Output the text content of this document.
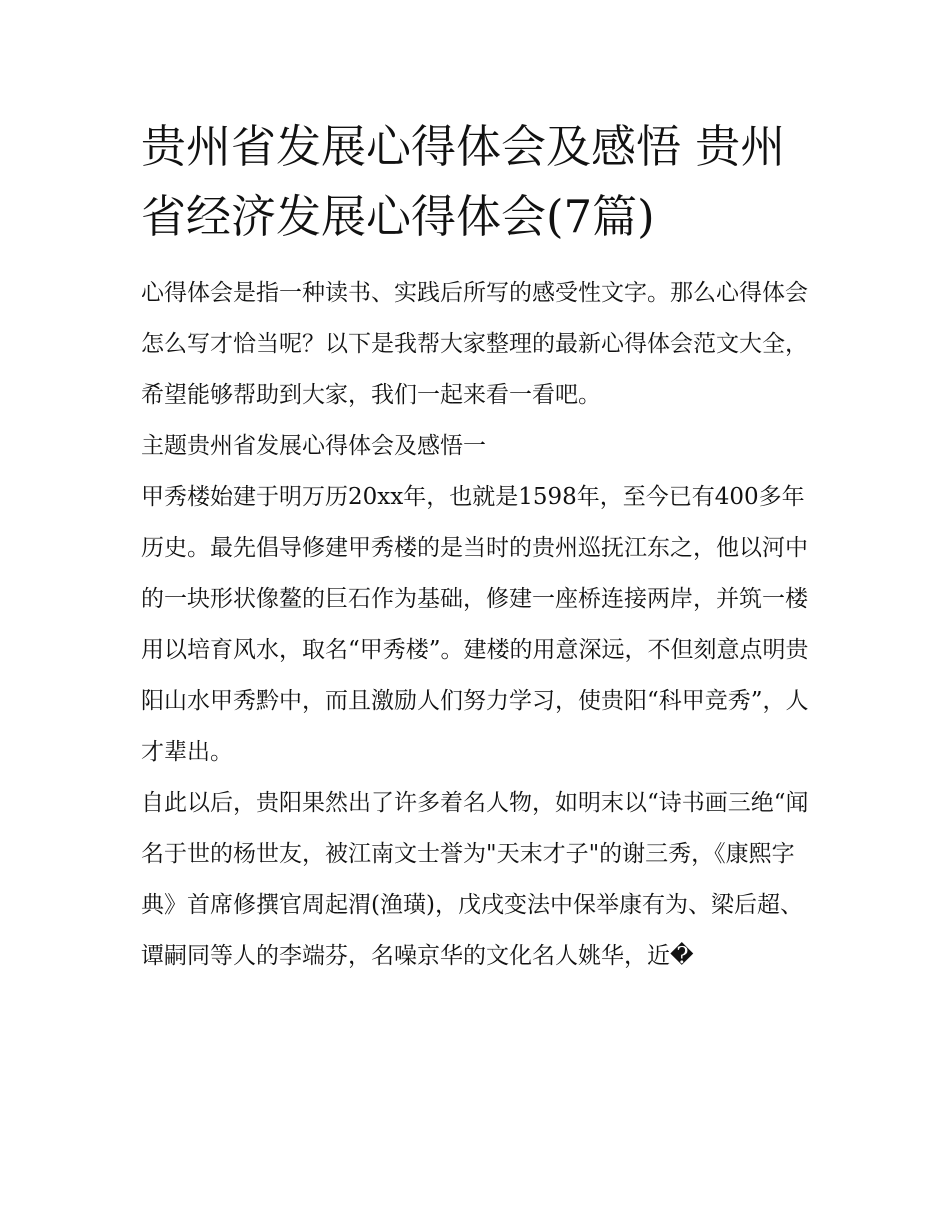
贵州省发展心得体会及感悟 贵州省经济发展心得体会(7篇)

心得体会是指一种读书、实践后所写的感受性文字。那么心得体会怎么写才恰当呢？以下是我帮大家整理的最新心得体会范文大全，希望能够帮助到大家，我们一起来看一看吧。

主题贵州省发展心得体会及感悟一

甲秀楼始建于明万历20xx年，也就是1598年，至今已有400多年历史。最先倡导修建甲秀楼的是当时的贵州巡抚江东之，他以河中的一块形状像鳌的巨石作为基础，修建一座桥连接两岸，并筑一楼用以培育风水，取名“甲秀楼”。建楼的用意深远，不但刻意点明贵阳山水甲秀黔中，而且激励人们努力学习，使贵阳“科甲竞秀”，人才辈出。

自此以后，贵阳果然出了许多着名人物，如明末以“诗书画三绝“闻名于世的杨世友，被江南文士誉为"天末才子"的谢三秀，《康熙字典》首席修撰官周起渭(渔璜)，戊戌变法中保举康有为、梁后超、谭嗣同等人的李端芬，名噪京华的文化名人姚华，近�
